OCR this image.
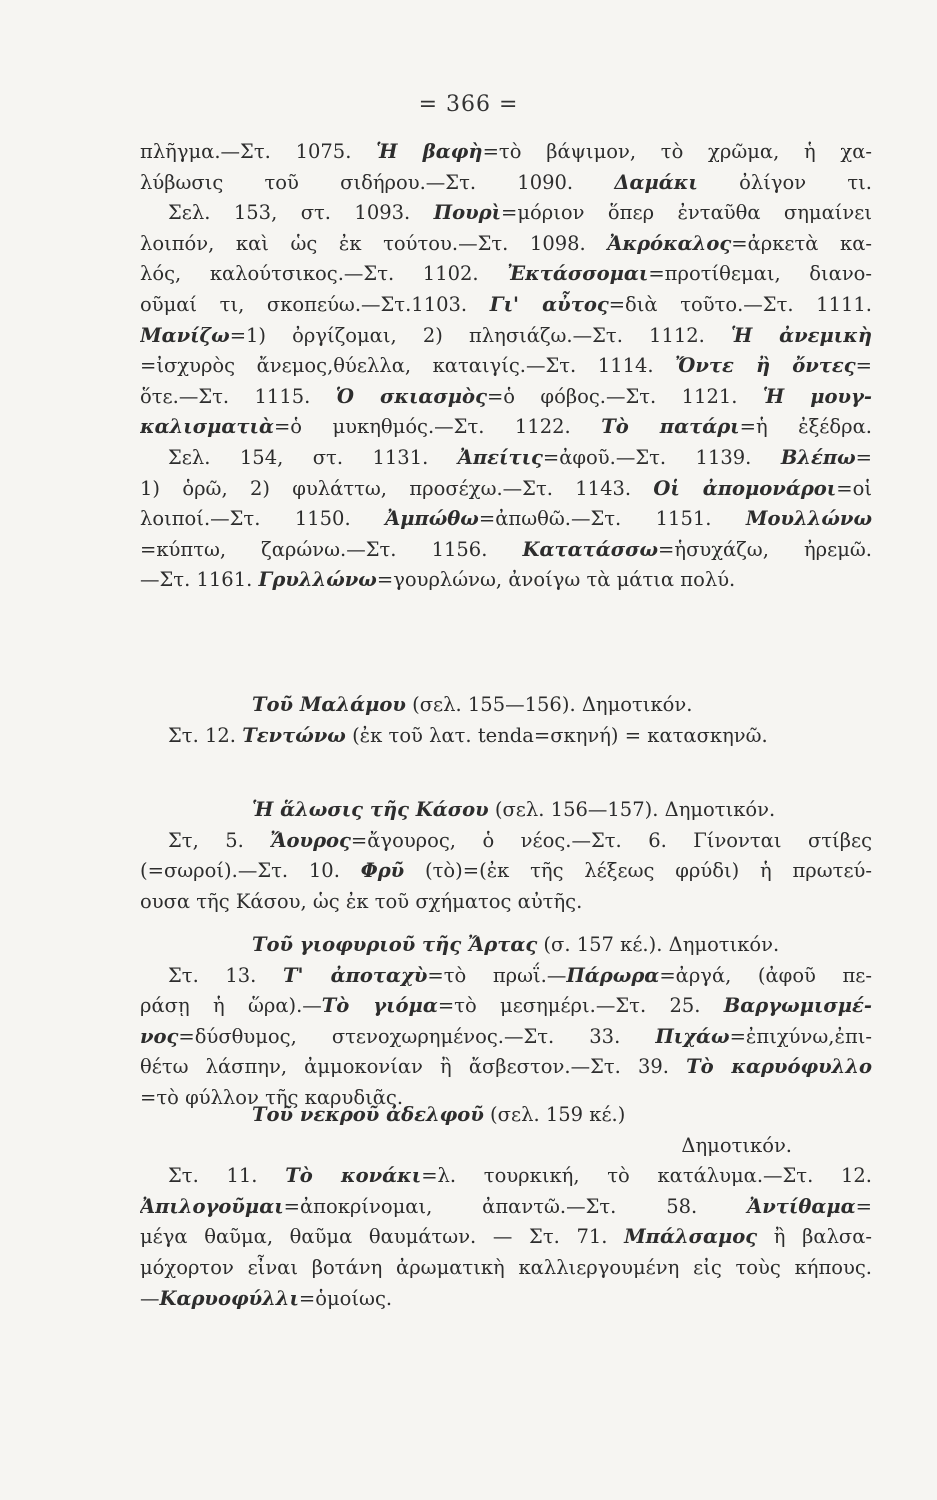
= 366 =
πλῆγμα.—Στ. 1075. Ἡ βαφὴ=τὸ βάψιμον, τὸ χρῶμα, ἡ χα-
λύβωσις τοῦ σιδήρου.—Στ. 1090. Δαμάκι ὀλίγον τι.
Σελ. 153, στ. 1093. Πουρὶ=μόριον ὅπερ ἐνταῦθα σημαίνει
λοιπόν, καὶ ὡς ἐκ τούτου.—Στ. 1098. Ἀκρόκαλος=ἀρκετὰ κα-
λός, καλούτσικος.—Στ. 1102. Ἐκτάσσομαι=προτίθεμαι, διανο-
οῦμαί τι, σκοπεύω.—Στ.1103. Γι' αὖτος=διὰ τοῦτο.—Στ. 1111.
Μανίζω=1) ὀργίζομαι, 2) πλησιάζω.—Στ. 1112. Ἡ ἀνεμικὴ
=ἰσχυρὸς ἄνεμος,θύελλα, καταιγίς.—Στ. 1114. Ὄντε ἢ ὄντες=
ὅτε.—Στ. 1115. Ὁ σκιασμὸς=ὁ φόβος.—Στ. 1121. Ἡ μουγ-
καλισματιὰ=ὁ μυκηθμός.—Στ. 1122. Τὸ πατάρι=ἡ ἐξέδρα.
Σελ. 154, στ. 1131. Ἀπείτις=ἀφοῦ.—Στ. 1139. Βλέπω=
1) ὁρῶ, 2) φυλάττω, προσέχω.—Στ. 1143. Οἱ ἀπομονάροι=οἱ
λοιποί.—Στ. 1150. Ἀμπώθω=ἀπωθῶ.—Στ. 1151. Μουλλώνω
=κύπτω, ζαρώνω.—Στ. 1156. Κατατάσσω=ἡσυχάζω, ἠρεμῶ.
—Στ. 1161. Γρυλλώνω=γουρλώνω, ἀνοίγω τὰ μάτια πολύ.
Τοῦ Μαλάμου (σελ. 155—156). Δημοτικόν.
Στ. 12. Τεντώνω (ἐκ τοῦ λατ. tenda=σκηνή) = κατασκηνῶ.
Ἡ ἅλωσις τῆς Κάσου (σελ. 156—157). Δημοτικόν.
Στ, 5. Ἄουρος=ἄγουρος, ὁ νέος.—Στ. 6. Γίνονται στίβες
(=σωροί).—Στ. 10. Φρῦ (τὸ)=(ἐκ τῆς λέξεως φρύδι) ἡ πρωτεύ-
ουσα τῆς Κάσου, ὡς ἐκ τοῦ σχήματος αὐτῆς.
Τοῦ γιοφυριοῦ τῆς Ἄρτας (σ. 157 κέ.). Δημοτικόν.
Στ. 13. Τ' ἀποταχὺ=τὸ πρωΐ.—Πάρωρα=ἀργά, (ἀφοῦ πε-
ράσῃ ἡ ὥρα).—Τὸ γιόμα=τὸ μεσημέρι.—Στ. 25. Βαργωμισμέ-
νος=δύσθυμος, στενοχωρημένος.—Στ. 33. Πιχάω=ἐπιχύνω,ἐπι-
θέτω λάσπην, ἀμμοκονίαν ἢ ἄσβεστον.—Στ. 39. Τὸ καρυόφυλλο
=τὸ φύλλον τῆς καρυδιᾶς.
Τοῦ νεκροῦ ἀδελφοῦ (σελ. 159 κέ.)
Δημοτικόν.
Στ. 11. Τὸ κονάκι=λ. τουρκική, τὸ κατάλυμα.—Στ. 12.
Ἀπιλογοῦμαι=ἀποκρίνομαι, ἀπαντῶ.—Στ. 58. Ἀντίθαμα=
μέγα θαῦμα, θαῦμα θαυμάτων. — Στ. 71. Μπάλσαμος ἢ βαλσα-
μόχορτον εἶναι βοτάνη ἀρωματικὴ καλλιεργουμένη εἰς τοὺς κήπους.
—Καρυοφύλλι=ὁμοίως.
